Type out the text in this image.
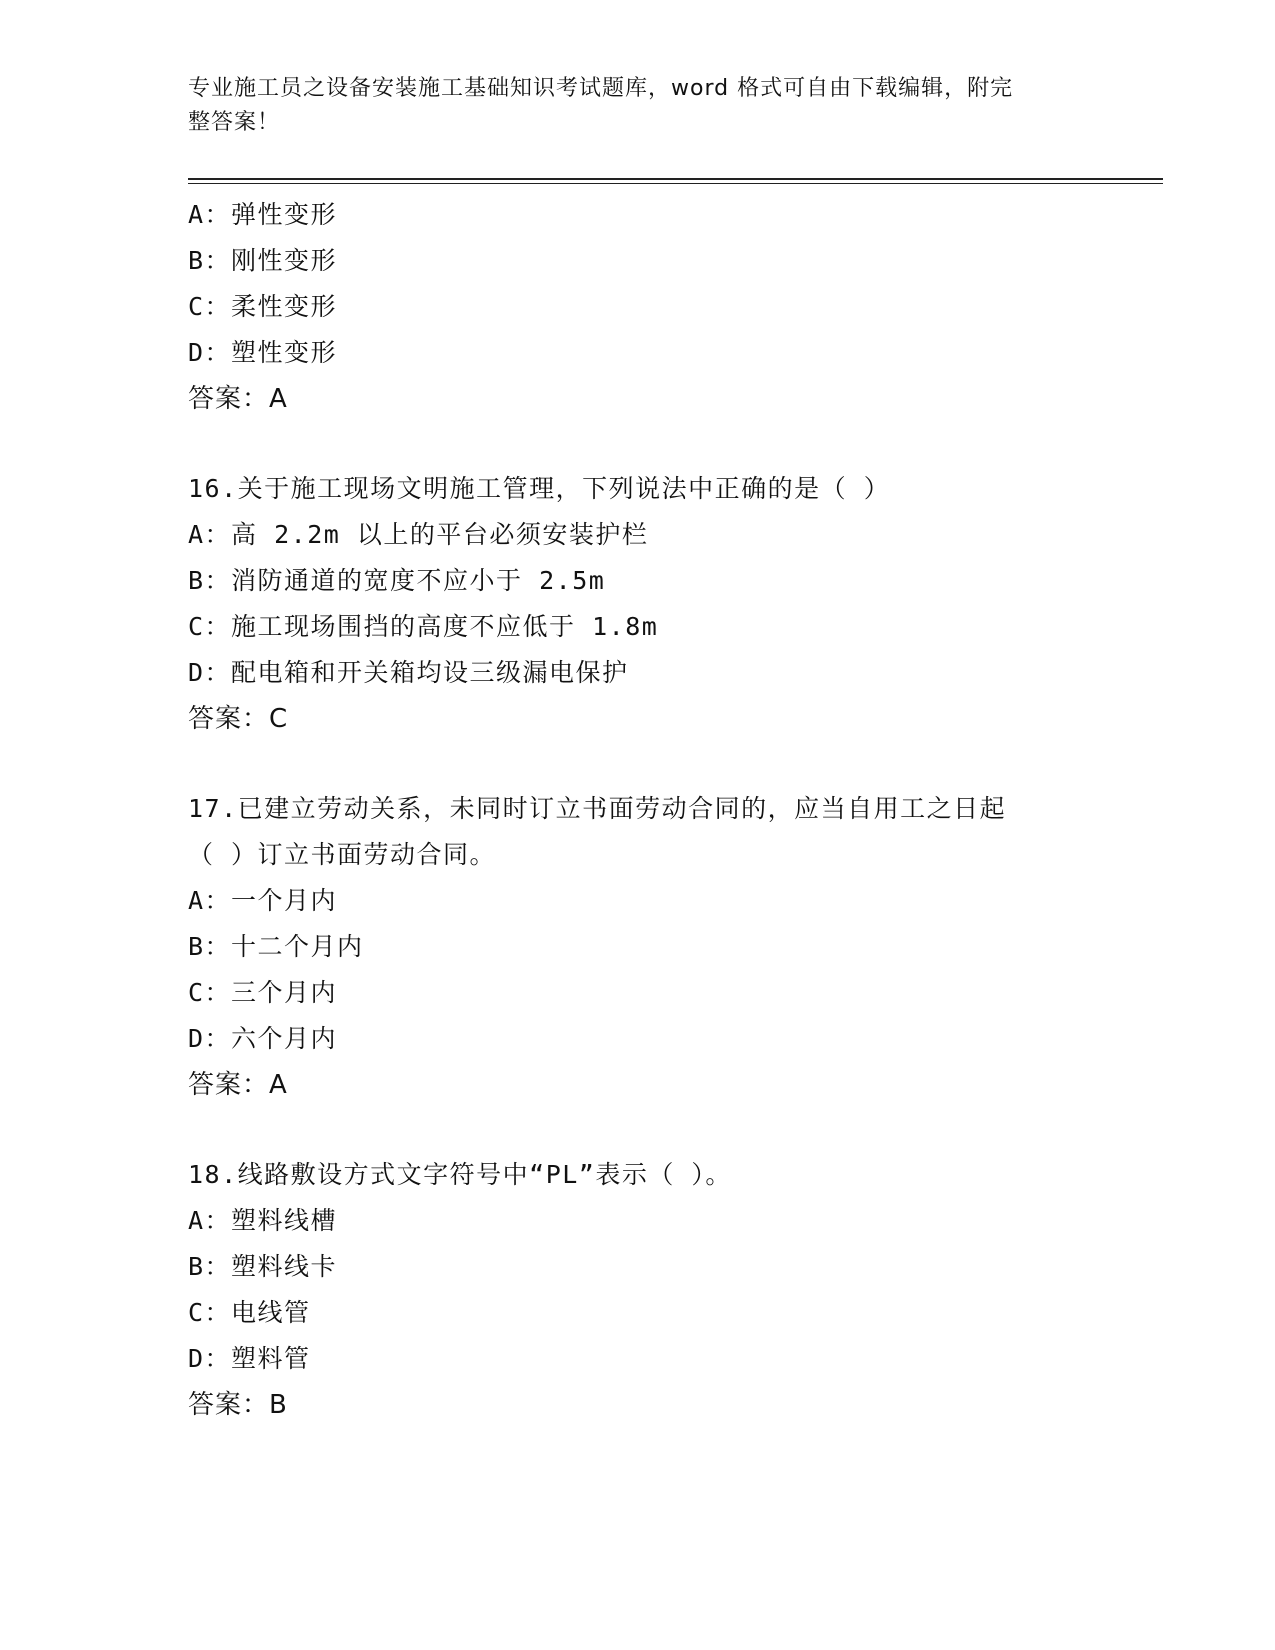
专业施工员之设备安装施工基础知识考试题库，word 格式可自由下载编辑，附完
整答案！
A：弹性变形
B：刚性变形
C：柔性变形
D：塑性变形
答案：A
16.关于施工现场文明施工管理，下列说法中正确的是（ ）
A：高 2.2m 以上的平台必须安装护栏
B：消防通道的宽度不应小于 2.5m
C：施工现场围挡的高度不应低于 1.8m
D：配电箱和开关箱均设三级漏电保护
答案：C
17.已建立劳动关系，未同时订立书面劳动合同的，应当自用工之日起
（ ）订立书面劳动合同。
A：一个月内
B：十二个月内
C：三个月内
D：六个月内
答案：A
18.线路敷设方式文字符号中“PL”表示（ ）。
A：塑料线槽
B：塑料线卡
C：电线管
D：塑料管
答案：B
